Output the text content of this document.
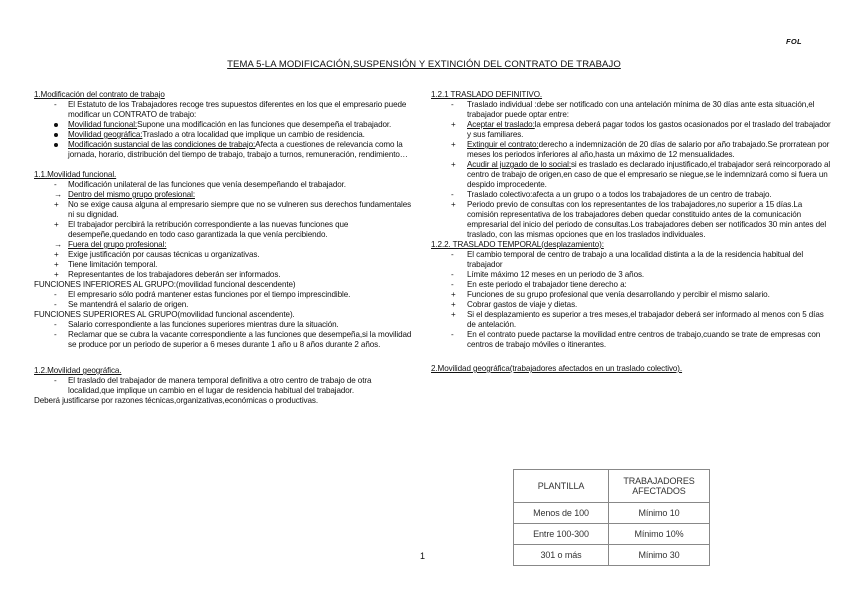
FOL
TEMA 5-LA MODIFICACIÓN,SUSPENSIÓN Y EXTINCIÓN DEL CONTRATO DE TRABAJO

1.Modificación del contrato de trabajo

-	El Estatuto de los Trabajadores recoge tres supuestos diferentes en los que el empresario puede modificar un CONTRATO de trabajo:
Movilidad funcional:Supone una modificación en las funciones que desempeña el trabajador.
Movilidad geográfica:Traslado a otra localidad que implique un cambio de residencia.
Modificación sustancial de las condiciones de trabajo:Afecta a cuestiones de relevancia como la jornada, horario, distribución del tiempo de trabajo, trabajo a turnos, remuneración, rendimiento…

1.1.Movilidad funcional.

-	Modificación unilateral de las funciones que venía desempeñando el trabajador.
→ Dentro del mismo grupo profesional:
+	No se exige causa alguna al empresario siempre que no se vulneren sus derechos fundamentales ni su dignidad.
+	El trabajador percibirá la retribución correspondiente a las nuevas funciones que desempeñe,quedando en todo caso garantizada la que venía percibiendo.
→ Fuera del grupo profesional:
+	Exige justificación por causas técnicas u organizativas.
+	Tiene limitación temporal.
+	Representantes de los trabajadores deberán ser informados.

FUNCIONES INFERIORES AL GRUPO:(movilidad funcional descendente)

-	El empresario sólo podrá mantener estas funciones por el tiempo imprescindible.
-	Se mantendrá el salario de origen.

FUNCIONES SUPERIORES AL GRUPO(movilidad funcional ascendente).

-	Salario correspondiente a las funciones superiores mientras dure la situación.
-	Reclamar que se cubra la vacante correspondiente a las funciones que desempeña,si la movilidad se produce por un periodo de superior a 6 meses durante 1 año u 8 años durante 2 años.

1.2.Movilidad geográfica.

-	El traslado del trabajador de manera temporal definitiva a otro centro de trabajo de otra localidad,que implique un cambio en el lugar de residencia habitual del trabajador.

Deberá justificarse por razones técnicas,organizativas,económicas o productivas.

1.2.1 TRASLADO DEFINITIVO.

-	Traslado individual :debe ser notificado con una antelación mínima de 30 días ante esta situación,el trabajador puede optar entre:
+	Aceptar el traslado:la empresa deberá pagar todos los gastos ocasionados por el traslado del trabajador y sus familiares.
+	Extinguir el contrato:derecho a indemnización de 20 días de salario por año trabajado.Se prorratean por meses los periodos inferiores al año,hasta un máximo de 12 mensualidades.
+	Acudir al juzgado de lo social:si es traslado es declarado injustificado,el trabajador será reincorporado al centro de trabajo de origen,en caso de que el empresario se niegue,se le indemnizará como si fuera un despido improcedente.
-	Traslado colectivo:afecta a un grupo o a todos los trabajadores de un centro de trabajo.
+	Periodo previo de consultas con los representantes de los trabajadores,no superior a 15 días.La comisión representativa de los trabajadores deben quedar constituido antes de la comunicación empresarial del inicio del periodo de consultas.Los trabajadores deben ser notificados 30 min antes del traslado, con las mismas opciones que en los traslados individuales.

1.2.2. TRASLADO TEMPORAL(desplazamiento):

-	El cambio temporal de centro de trabajo a una localidad distinta a la de la residencia habitual del trabajador
-	Límite máximo 12 meses en un periodo de 3 años.
-	En este periodo el trabajador tiene derecho a:
+	Funciones de su grupo profesional que venía desarrollando y percibir el mismo salario.
+	Cobrar gastos de viaje y dietas.
+	Si el desplazamiento es superior a tres meses,el trabajador deberá ser informado al menos con 5 días de antelación.
-	En el contrato puede pactarse la movilidad entre centros de trabajo,cuando se trate de empresas con centros de trabajo móviles o itinerantes.

2.Movilidad geográfica(trabajadores afectados en un traslado colectivo).

PLANTILLA	TRABAJADORES AFECTADOS
Menos de 100	Mínimo 10
Entre 100-300	Mínimo 10%
301 o más	Mínimo 30
1
